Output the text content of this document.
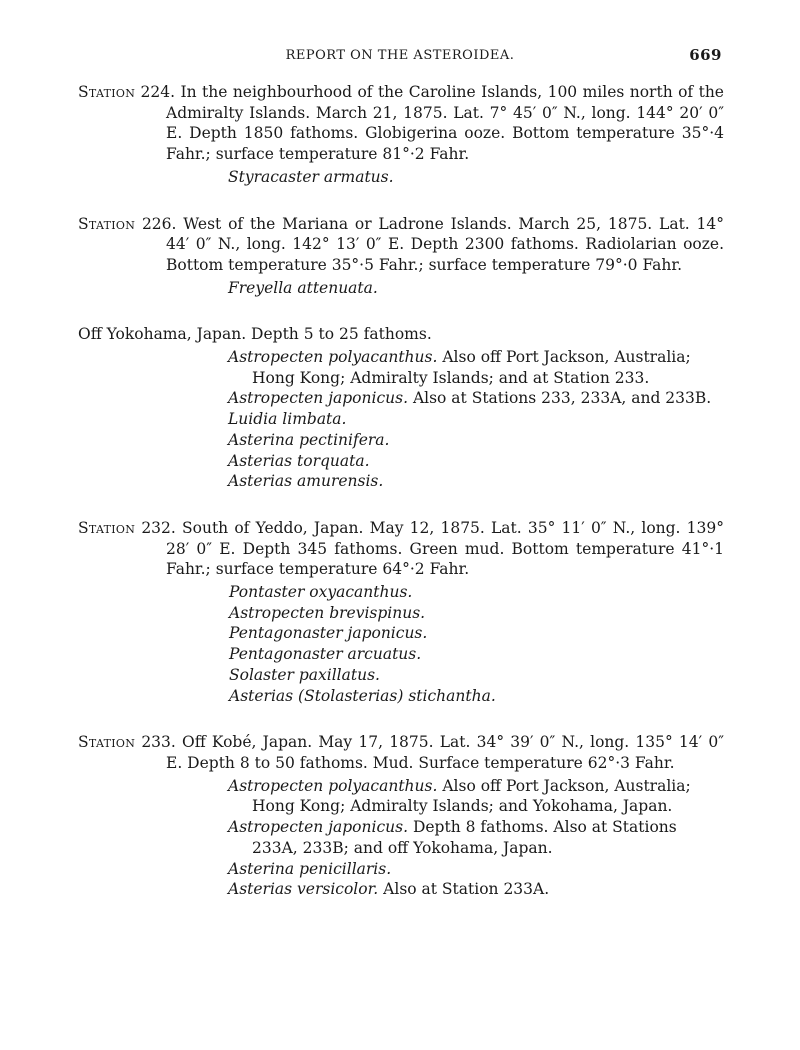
REPORT ON THE ASTEROIDEA.	669
Station 224. In the neighbourhood of the Caroline Islands, 100 miles north of the Admiralty Islands. March 21, 1875. Lat. 7° 45′ 0″ N., long. 144° 20′ 0″ E. Depth 1850 fathoms. Globigerina ooze. Bottom temperature 35°·4 Fahr.; surface temperature 81°·2 Fahr.
Styracaster armatus.
Station 226. West of the Mariana or Ladrone Islands. March 25, 1875. Lat. 14° 44′ 0″ N., long. 142° 13′ 0″ E. Depth 2300 fathoms. Radiolarian ooze. Bottom temperature 35°·5 Fahr.; surface temperature 79°·0 Fahr.
Freyella attenuata.
Off Yokohama, Japan. Depth 5 to 25 fathoms.
Astropecten polyacanthus. Also off Port Jackson, Australia; Hong Kong; Admiralty Islands; and at Station 233.
Astropecten japonicus. Also at Stations 233, 233A, and 233B.
Luidia limbata.
Asterina pectinifera.
Asterias torquata.
Asterias amurensis.
Station 232. South of Yeddo, Japan. May 12, 1875. Lat. 35° 11′ 0″ N., long. 139° 28′ 0″ E. Depth 345 fathoms. Green mud. Bottom temperature 41°·1 Fahr.; surface temperature 64°·2 Fahr.
Pontaster oxyacanthus.
Astropecten brevispinus.
Pentagonaster japonicus.
Pentagonaster arcuatus.
Solaster paxillatus.
Asterias (Stolasterias) stichantha.
Station 233. Off Kobé, Japan. May 17, 1875. Lat. 34° 39′ 0″ N., long. 135° 14′ 0″ E. Depth 8 to 50 fathoms. Mud. Surface temperature 62°·3 Fahr.
Astropecten polyacanthus. Also off Port Jackson, Australia; Hong Kong; Admiralty Islands; and Yokohama, Japan.
Astropecten japonicus. Depth 8 fathoms. Also at Stations 233A, 233B; and off Yokohama, Japan.
Asterina penicillaris.
Asterias versicolor. Also at Station 233A.
